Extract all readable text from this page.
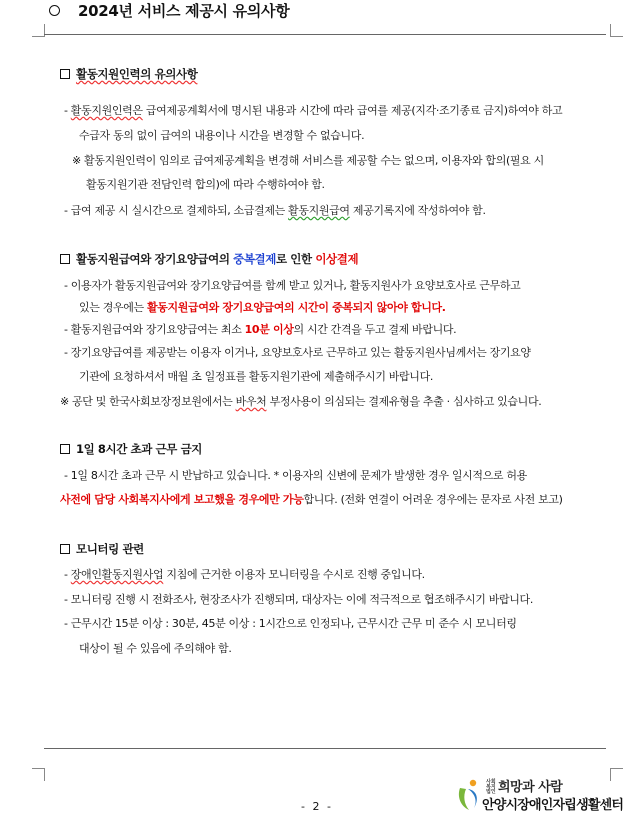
2024년 서비스 제공시 유의사항
활동지원인력의 유의사항
- 활동지원인력은 급여제공계획서에 명시된 내용과 시간에 따라 급여를 제공(지각·조기종료 금지)하여야 하고
수급자 동의 없이 급여의 내용이나 시간을 변경할 수 없습니다.
※ 활동지원인력이 임의로 급여제공계획을 변경해 서비스를 제공할 수는 없으며, 이용자와 합의(필요 시
활동지원기관 전담인력 합의)에 따라 수행하여야 함.
- 급여 제공 시 실시간으로 결제하되, 소급결제는 활동지원급여 제공기록지에 작성하여야 함.
활동지원급여와 장기요양급여의 중복결제로 인한 이상결제
- 이용자가 활동지원급여와 장기요양급여를 함께 받고 있거나, 활동지원사가 요양보호사로 근무하고
있는 경우에는 활동지원급여와 장기요양급여의 시간이 중복되지 않아야 합니다.
- 활동지원급여와 장기요양급여는 최소 10분 이상의 시간 간격을 두고 결제 바랍니다.
- 장기요양급여를 제공받는 이용자 이거나, 요양보호사로 근무하고 있는 활동지원사님께서는 장기요양
기관에 요청하셔서 매월 초 일정표를 활동지원기관에 제출해주시기 바랍니다.
※ 공단 및 한국사회보장정보원에서는 바우처 부정사용이 의심되는 결제유형을 추출 · 심사하고 있습니다.
1일 8시간 초과 근무 금지
- 1일 8시간 초과 근무 시 반납하고 있습니다. * 이용자의 신변에 문제가 발생한 경우 일시적으로 허용
사전에 담당 사회복지사에게 보고했을 경우에만 가능합니다. (전화 연결이 어려운 경우에는 문자로 사전 보고)
모니터링 관련
- 장애인활동지원사업 지침에 근거한 이용자 모니터링을 수시로 진행 중입니다.
- 모니터링 진행 시 전화조사, 현장조사가 진행되며, 대상자는 이에 적극적으로 협조해주시기 바랍니다.
- 근무시간 15분 이상 : 30분, 45분 이상 : 1시간으로 인정되나, 근무시간 근무 미 준수 시 모니터링
대상이 될 수 있음에 주의해야 함.
- 2 -
사회 복지 법인 희망과 사람
안양시장애인자립생활센터
